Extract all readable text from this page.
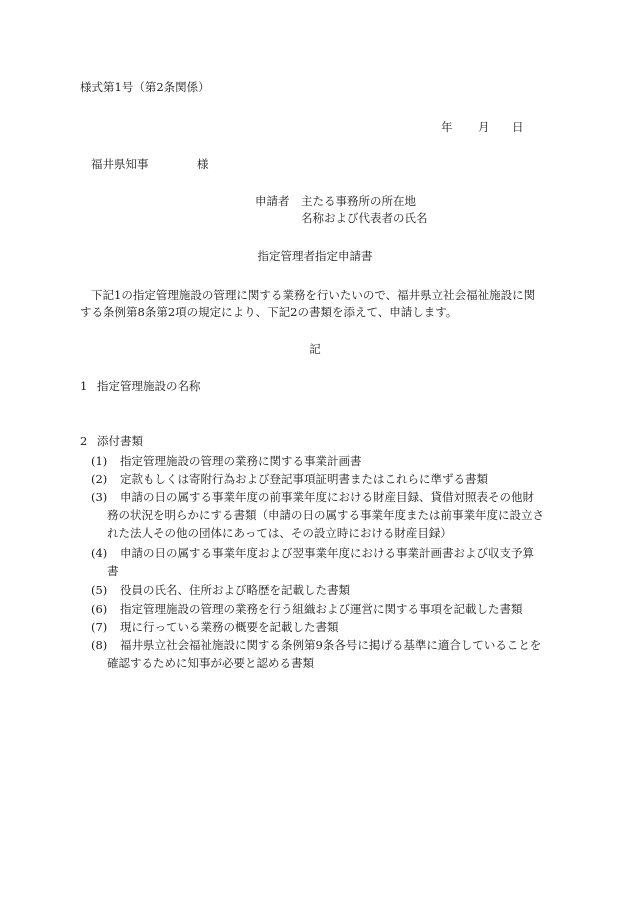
様式第1号（第2条関係）
年 月 日
福井県知事	様
申請者 主たる事務所の所在地
名称および代表者の氏名
指定管理者指定申請書
下記1の指定管理施設の管理に関する業務を行いたいので、福井県立社会福祉施設に関
する条例第8条第2項の規定により、下記2の書類を添えて、申請します。
記
1 指定管理施設の名称
2 添付書類
(1) 指定管理施設の管理の業務に関する事業計画書
(2) 定款もしくは寄附行為および登記事項証明書またはこれらに準ずる書類
(3) 申請の日の属する事業年度の前事業年度における財産目録、貸借対照表その他財
務の状況を明らかにする書類（申請の日の属する事業年度または前事業年度に設立さ
れた法人その他の団体にあっては、その設立時における財産目録）
(4) 申請の日の属する事業年度および翌事業年度における事業計画書および収支予算
書
(5) 役員の氏名、住所および略歴を記載した書類
(6) 指定管理施設の管理の業務を行う組織および運営に関する事項を記載した書類
(7) 現に行っている業務の概要を記載した書類
(8) 福井県立社会福祉施設に関する条例第9条各号に掲げる基準に適合していることを
確認するために知事が必要と認める書類
